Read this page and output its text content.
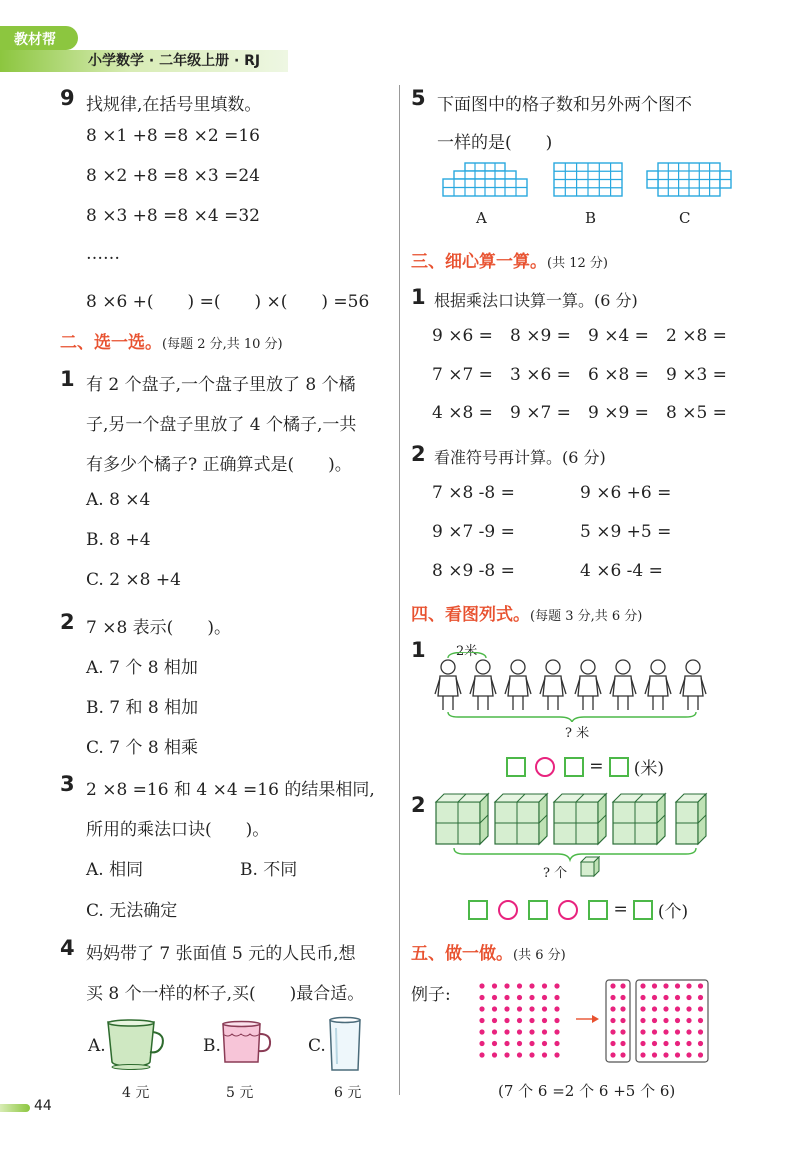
教材帮
小学数学 · 二年级上册 · RJ
9 找规律,在括号里填数。
8 ×1 +8 =8 ×2 =16
8 ×2 +8 =8 ×3 =24
8 ×3 +8 =8 ×4 =32
……
8 ×6 +(　　) =(　　) ×(　　) =56
二、选一选。(每题 2 分,共 10 分)
1 有 2 个盘子,一个盘子里放了 8 个橘
子,另一个盘子里放了 4 个橘子,一共
有多少个橘子? 正确算式是(　　)。
A. 8 ×4
B. 8 +4
C. 2 ×8 +4
2 7 ×8 表示(　　)。
A. 7 个 8 相加
B. 7 和 8 相加
C. 7 个 8 相乘
3 2 ×8 =16 和 4 ×4 =16 的结果相同,
所用的乘法口诀(　　)。
A. 相同	B. 不同
C. 无法确定
4 妈妈带了 7 张面值 5 元的人民币,想
买 8 个一样的杯子,买(　　)最合适。
A.
4 元
B.
5 元
C.
6 元
5 下面图中的格子数和另外两个图不
一样的是(　　)
A	B	C
三、细心算一算。(共 12 分)
1 根据乘法口诀算一算。(6 分)
9 ×6 = 8 ×9 = 9 ×4 = 2 ×8 =
7 ×7 = 3 ×6 = 6 ×8 = 9 ×3 =
4 ×8 = 9 ×7 = 9 ×9 = 8 ×5 =
2 看准符号再计算。(6 分)
7 ×8 -8 =	9 ×6 +6 =
9 ×7 -9 =	5 ×9 +5 =
8 ×9 -8 =	4 ×6 -4 =
四、看图列式。(每题 3 分,共 6 分)
1 2米
? 米
= (米)
2
? 个
= (个)
五、做一做。(共 6 分)
例子:
(7 个 6 =2 个 6 +5 个 6)
44
